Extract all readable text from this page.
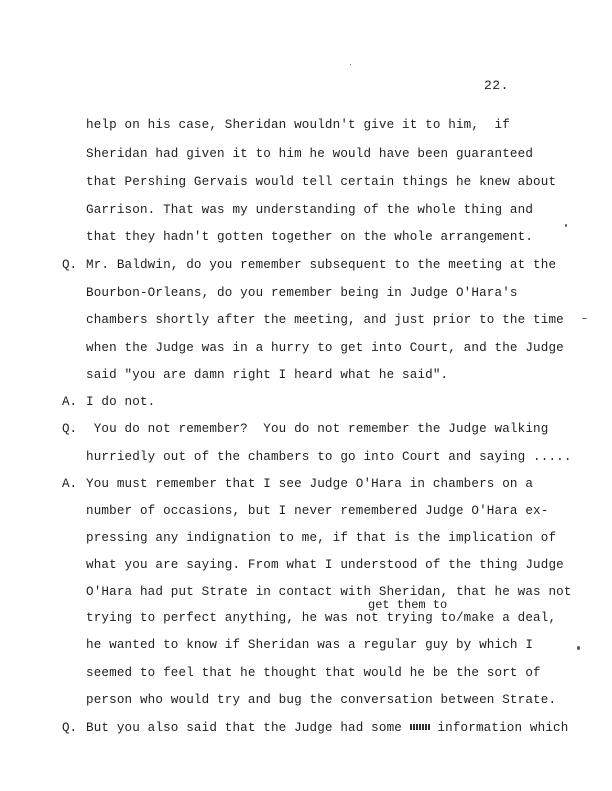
22.
help on his case, Sheridan wouldn't give it to him,  if
Sheridan had given it to him he would have been guaranteed
that Pershing Gervais would tell certain things he knew about
Garrison. That was my understanding of the whole thing and
that they hadn't gotten together on the whole arrangement.
Q. Mr. Baldwin, do you remember subsequent to the meeting at the
Bourbon-Orleans, do you remember being in Judge O'Hara's
chambers shortly after the meeting, and just prior to the time
when the Judge was in a hurry to get into Court, and the Judge
said "you are damn right I heard what he said".
A. I do not.
Q. You do not remember?  You do not remember the Judge walking
hurriedly out of the chambers to go into Court and saying .....
A. You must remember that I see Judge O'Hara in chambers on a
number of occasions, but I never remembered Judge O'Hara ex-
pressing any indignation to me, if that is the implication of
what you are saying. From what I understood of the thing Judge
O'Hara had put Strate in contact with Sheridan, that he was not
get them to
trying to perfect anything, he was not trying to/make a deal,
he wanted to know if Sheridan was a regular guy by which I
seemed to feel that he thought that would he be the sort of
person who would try and bug the conversation between Strate.
Q. But you also said that the Judge had some  information which
